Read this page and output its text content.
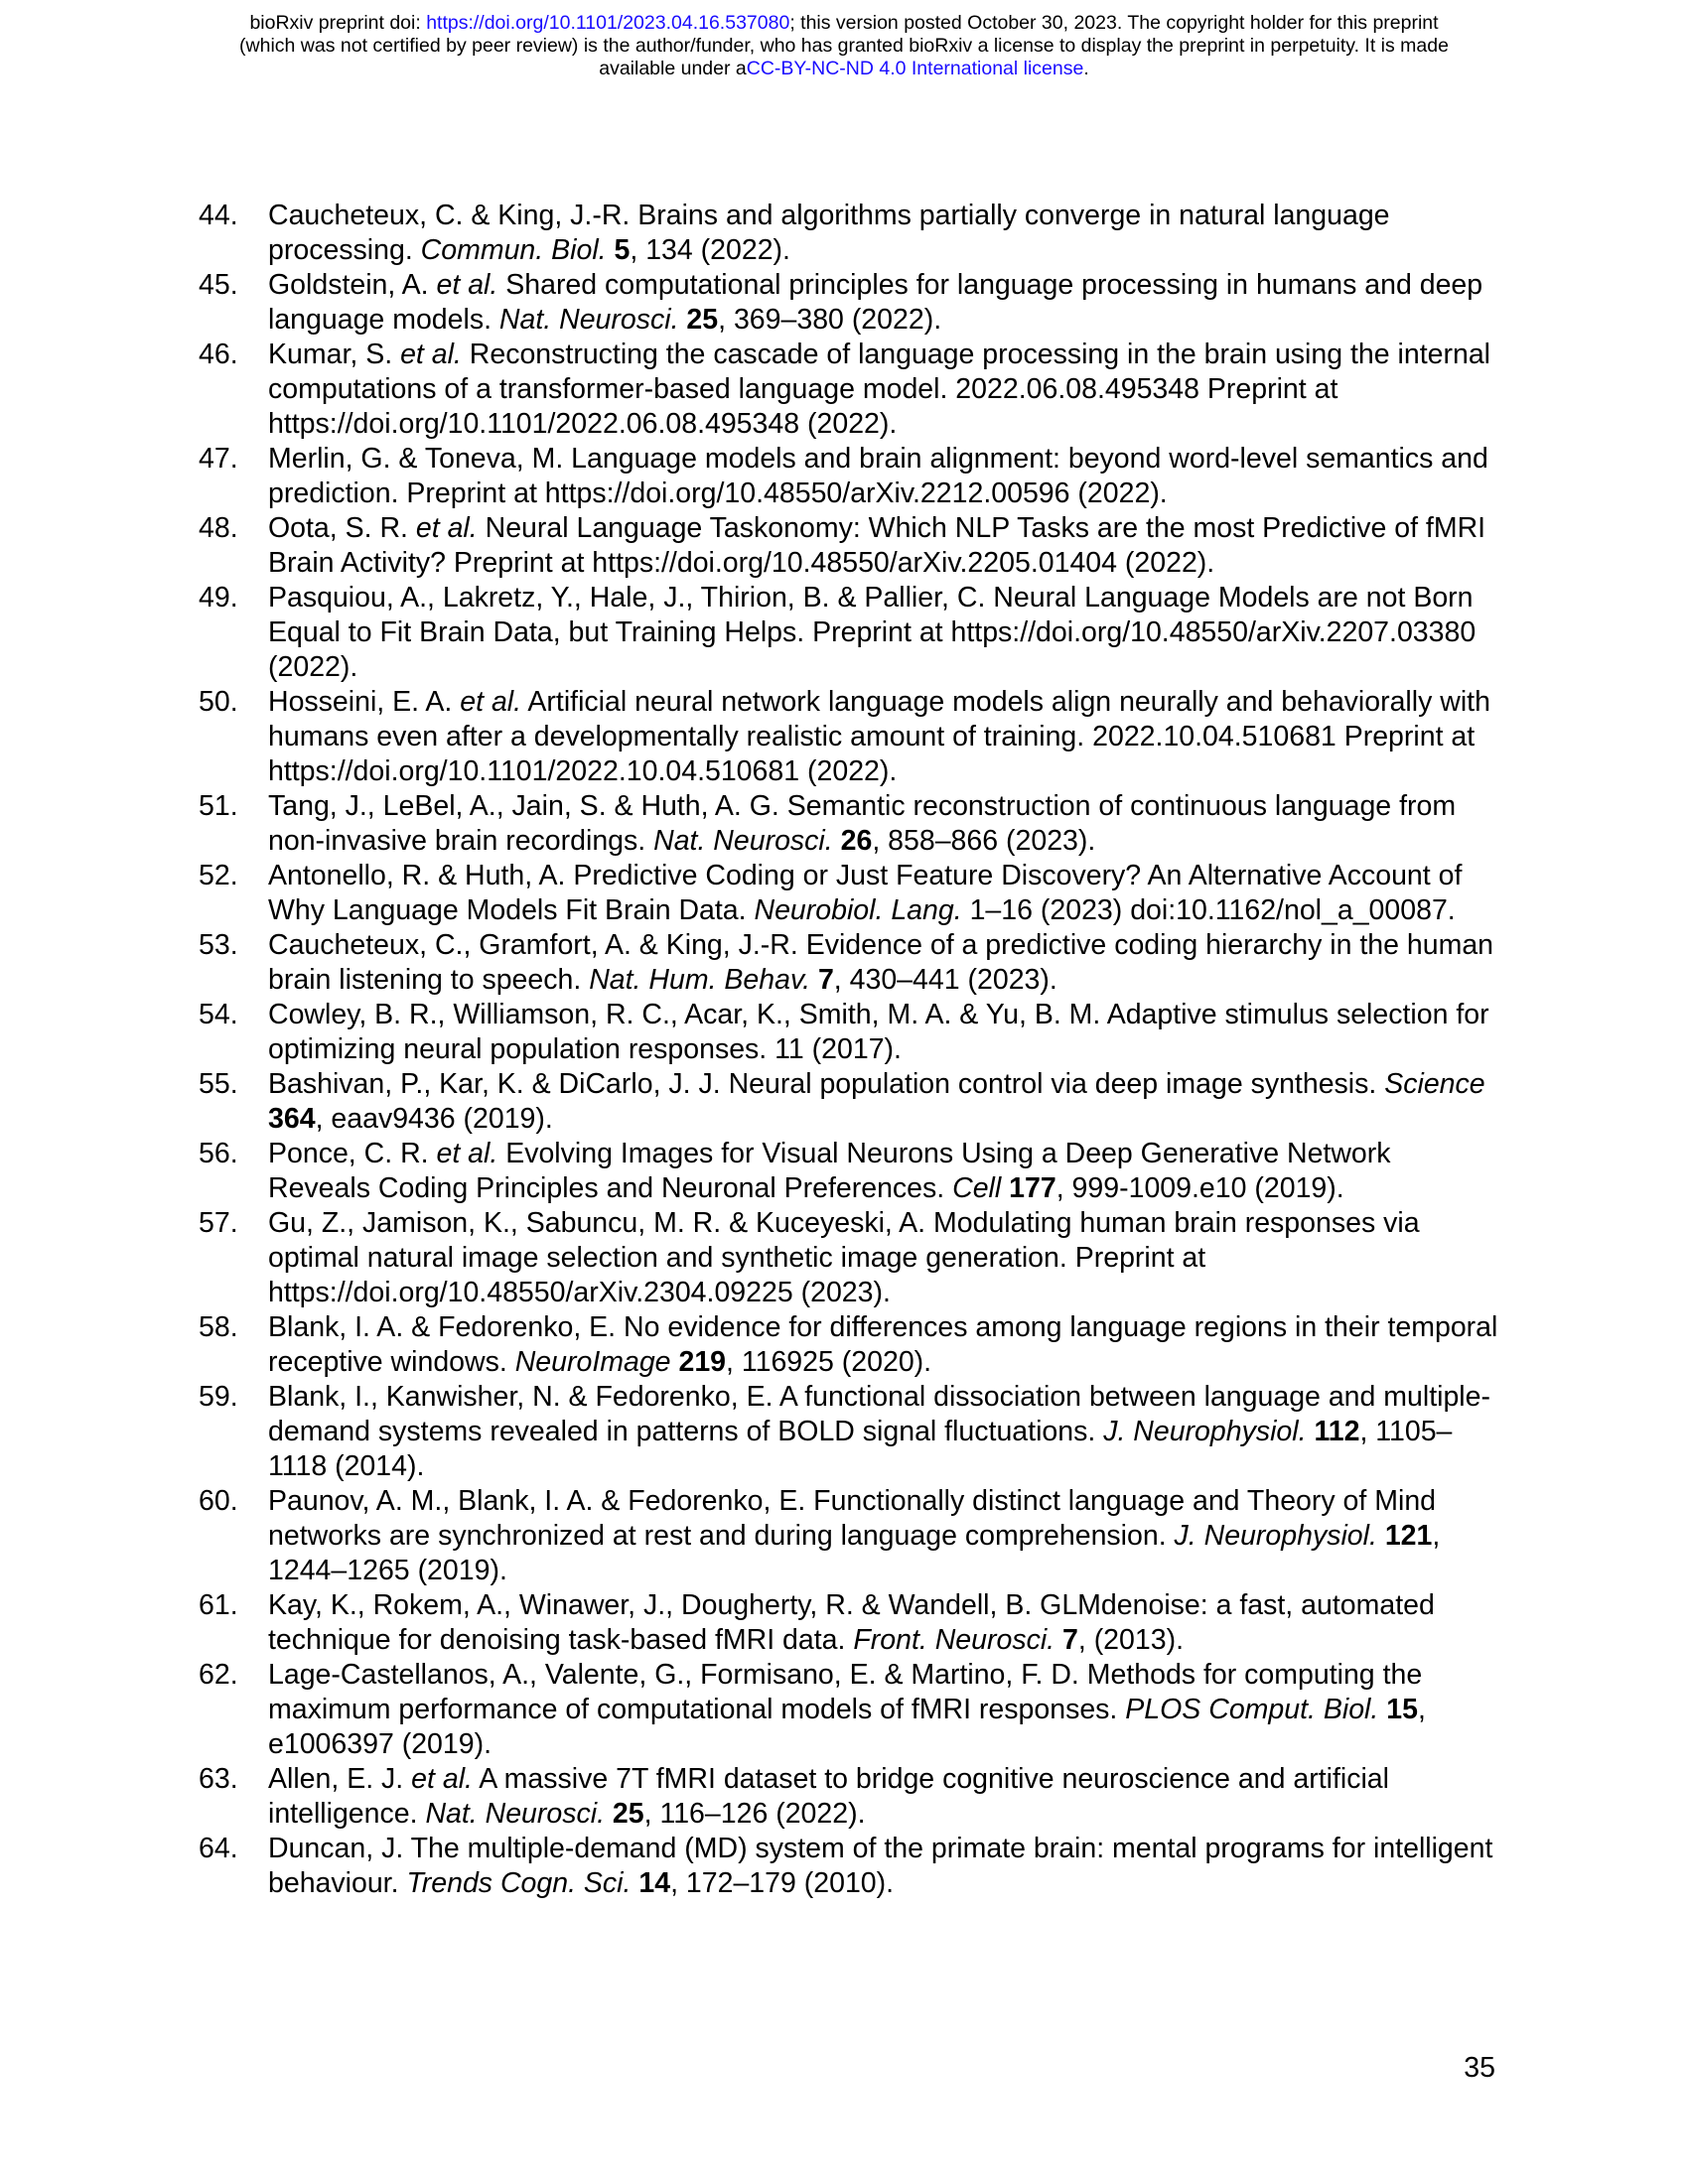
bioRxiv preprint doi: https://doi.org/10.1101/2023.04.16.537080; this version posted October 30, 2023. The copyright holder for this preprint
(which was not certified by peer review) is the author/funder, who has granted bioRxiv a license to display the preprint in perpetuity. It is made
available under aCC-BY-NC-ND 4.0 International license.
44.	Caucheteux, C. & King, J.-R. Brains and algorithms partially converge in natural language processing. Commun. Biol. 5, 134 (2022).
45.	Goldstein, A. et al. Shared computational principles for language processing in humans and deep language models. Nat. Neurosci. 25, 369–380 (2022).
46.	Kumar, S. et al. Reconstructing the cascade of language processing in the brain using the internal computations of a transformer-based language model. 2022.06.08.495348 Preprint at https://doi.org/10.1101/2022.06.08.495348 (2022).
47.	Merlin, G. & Toneva, M. Language models and brain alignment: beyond word-level semantics and prediction. Preprint at https://doi.org/10.48550/arXiv.2212.00596 (2022).
48.	Oota, S. R. et al. Neural Language Taskonomy: Which NLP Tasks are the most Predictive of fMRI Brain Activity? Preprint at https://doi.org/10.48550/arXiv.2205.01404 (2022).
49.	Pasquiou, A., Lakretz, Y., Hale, J., Thirion, B. & Pallier, C. Neural Language Models are not Born Equal to Fit Brain Data, but Training Helps. Preprint at https://doi.org/10.48550/arXiv.2207.03380 (2022).
50.	Hosseini, E. A. et al. Artificial neural network language models align neurally and behaviorally with humans even after a developmentally realistic amount of training. 2022.10.04.510681 Preprint at https://doi.org/10.1101/2022.10.04.510681 (2022).
51.	Tang, J., LeBel, A., Jain, S. & Huth, A. G. Semantic reconstruction of continuous language from non-invasive brain recordings. Nat. Neurosci. 26, 858–866 (2023).
52.	Antonello, R. & Huth, A. Predictive Coding or Just Feature Discovery? An Alternative Account of Why Language Models Fit Brain Data. Neurobiol. Lang. 1–16 (2023) doi:10.1162/nol_a_00087.
53.	Caucheteux, C., Gramfort, A. & King, J.-R. Evidence of a predictive coding hierarchy in the human brain listening to speech. Nat. Hum. Behav. 7, 430–441 (2023).
54.	Cowley, B. R., Williamson, R. C., Acar, K., Smith, M. A. & Yu, B. M. Adaptive stimulus selection for optimizing neural population responses. 11 (2017).
55.	Bashivan, P., Kar, K. & DiCarlo, J. J. Neural population control via deep image synthesis. Science 364, eaav9436 (2019).
56.	Ponce, C. R. et al. Evolving Images for Visual Neurons Using a Deep Generative Network Reveals Coding Principles and Neuronal Preferences. Cell 177, 999-1009.e10 (2019).
57.	Gu, Z., Jamison, K., Sabuncu, M. R. & Kuceyeski, A. Modulating human brain responses via optimal natural image selection and synthetic image generation. Preprint at https://doi.org/10.48550/arXiv.2304.09225 (2023).
58.	Blank, I. A. & Fedorenko, E. No evidence for differences among language regions in their temporal receptive windows. NeuroImage 219, 116925 (2020).
59.	Blank, I., Kanwisher, N. & Fedorenko, E. A functional dissociation between language and multiple-demand systems revealed in patterns of BOLD signal fluctuations. J. Neurophysiol. 112, 1105–1118 (2014).
60.	Paunov, A. M., Blank, I. A. & Fedorenko, E. Functionally distinct language and Theory of Mind networks are synchronized at rest and during language comprehension. J. Neurophysiol. 121, 1244–1265 (2019).
61.	Kay, K., Rokem, A., Winawer, J., Dougherty, R. & Wandell, B. GLMdenoise: a fast, automated technique for denoising task-based fMRI data. Front. Neurosci. 7, (2013).
62.	Lage-Castellanos, A., Valente, G., Formisano, E. & Martino, F. D. Methods for computing the maximum performance of computational models of fMRI responses. PLOS Comput. Biol. 15, e1006397 (2019).
63.	Allen, E. J. et al. A massive 7T fMRI dataset to bridge cognitive neuroscience and artificial intelligence. Nat. Neurosci. 25, 116–126 (2022).
64.	Duncan, J. The multiple-demand (MD) system of the primate brain: mental programs for intelligent behaviour. Trends Cogn. Sci. 14, 172–179 (2010).
35
